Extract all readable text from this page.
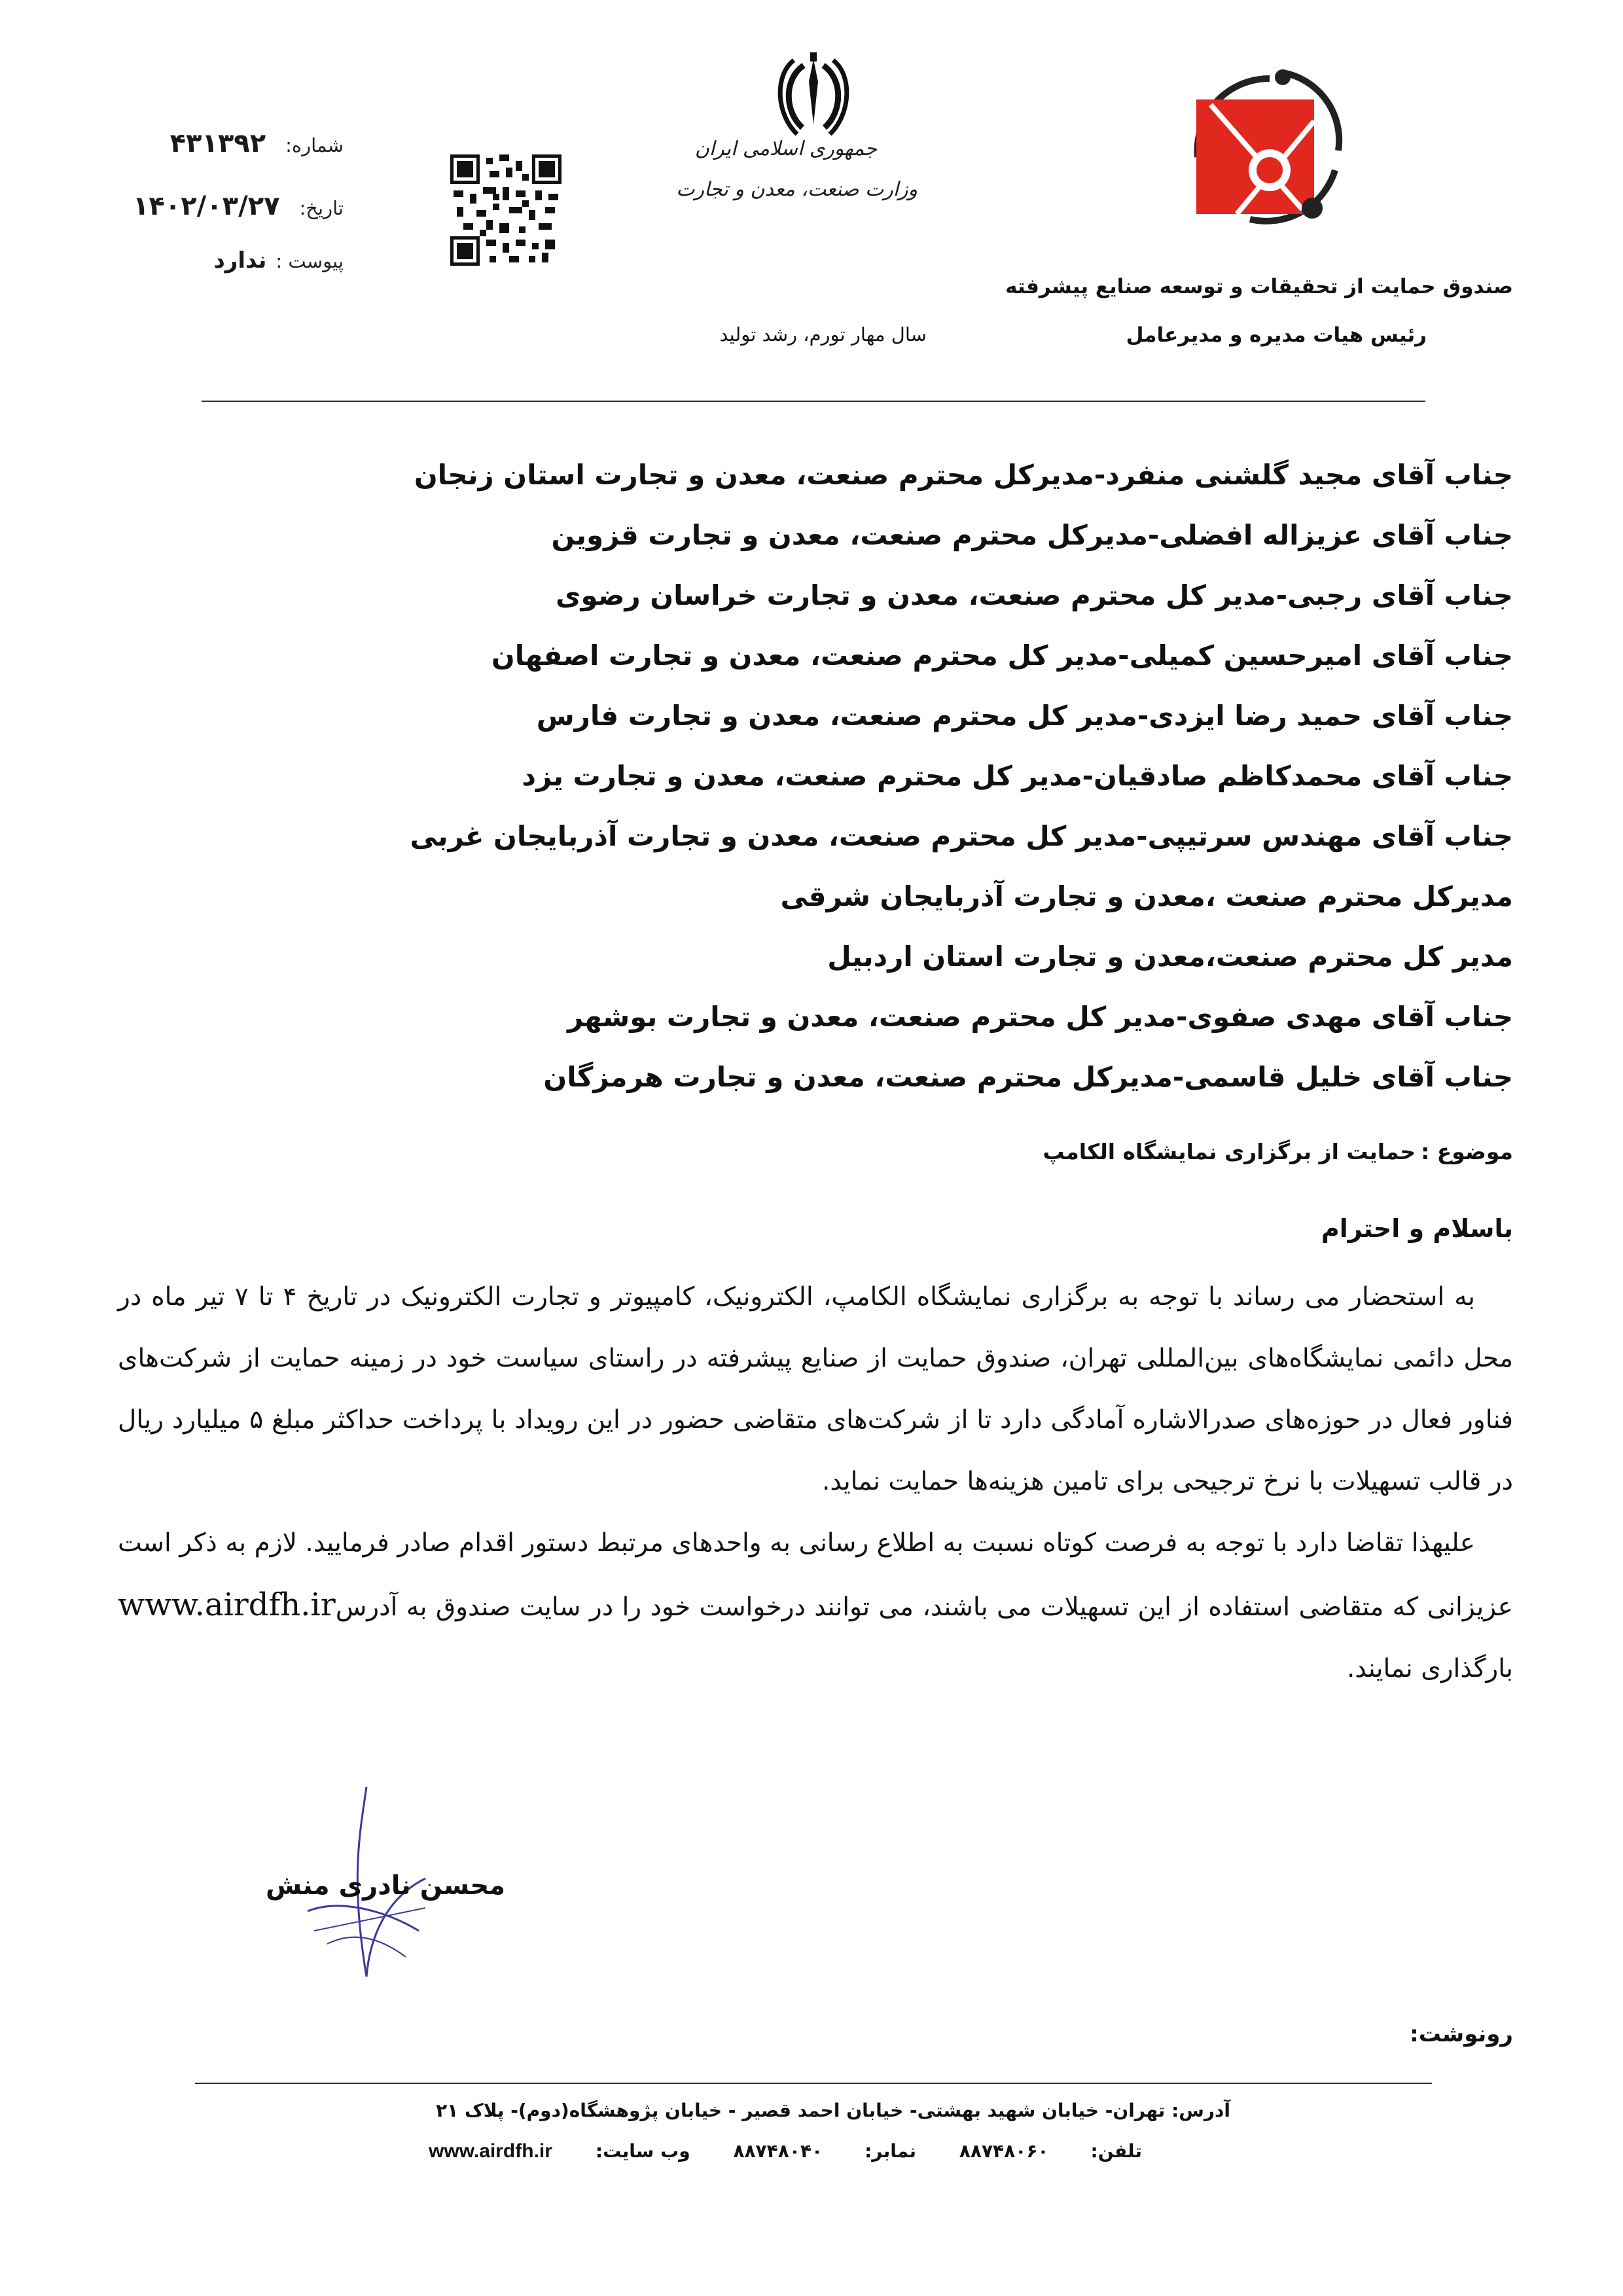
جمهوری اسلامی ایران
وزارت صنعت، معدن و تجارت
شماره:۴۳۱۳۹۲
تاریخ:۱۴۰۲/۰۳/۲۷
پیوست :ندارد
صندوق حمایت از تحقیقات و توسعه صنایع پیشرفته
رئیس هیات مدیره و مدیرعامل
سال مهار تورم، رشد تولید
جناب آقای مجید گلشنی منفرد-مدیرکل محترم صنعت، معدن و تجارت استان زنجان
جناب آقای عزیزاله افضلی-مدیرکل محترم صنعت، معدن و تجارت قزوین
جناب آقای رجبی-مدیر کل محترم صنعت، معدن و تجارت خراسان رضوی
جناب آقای امیرحسین کمیلی-مدیر کل محترم صنعت، معدن و تجارت اصفهان
جناب آقای حمید رضا ایزدی-مدیر کل محترم صنعت، معدن و تجارت فارس
جناب آقای محمدکاظم صادقیان-مدیر کل محترم صنعت، معدن و تجارت یزد
جناب آقای مهندس سرتیپی-مدیر کل محترم صنعت، معدن و تجارت آذربایجان غربی
مدیرکل محترم صنعت ،معدن و تجارت آذربایجان شرقی
مدیر کل محترم صنعت،معدن و تجارت استان اردبیل
جناب آقای مهدی صفوی-مدیر کل محترم صنعت، معدن و تجارت بوشهر
جناب آقای خلیل قاسمی-مدیرکل محترم صنعت، معدن و تجارت هرمزگان
موضوع :حمایت از برگزاری نمایشگاه الکامپ
باسلام و احترام

به استحضار می رساند با توجه به برگزاری نمایشگاه الکامپ، الکترونیک، کامپیوتر و تجارت الکترونیک در تاریخ ۴ تا ۷ تیر ماه در محل دائمی نمایشگاه‌های بین‌المللی تهران، صندوق حمایت از صنایع پیشرفته در راستای سیاست خود در زمینه حمایت از شرکت‌های فناور فعال در حوزه‌های صدرالاشاره آمادگی دارد تا از شرکت‌های متقاضی حضور در این رویداد با پرداخت حداکثر مبلغ ۵ میلیارد ریال در قالب تسهیلات با نرخ ترجیحی برای تامین هزینه‌ها حمایت نماید.

علیهذا تقاضا دارد با توجه به فرصت کوتاه نسبت به اطلاع رسانی به واحدهای مرتبط دستور اقدام صادر فرمایید. لازم به ذکر است عزیزانی که متقاضی استفاده از این تسهیلات می باشند، می توانند درخواست خود را در سایت صندوق به آدرسwww.airdfh.ir بارگذاری نمایند.

محسن نادری منش
رونوشت:
آدرس: تهران- خیابان شهید بهشتی- خیابان احمد قصیر - خیابان پژوهشگاه(دوم)- پلاک ۲۱
تلفن:۸۸۷۴۸۰۶۰ نمابر:۸۸۷۴۸۰۴۰ وب سایت:www.airdfh.ir
